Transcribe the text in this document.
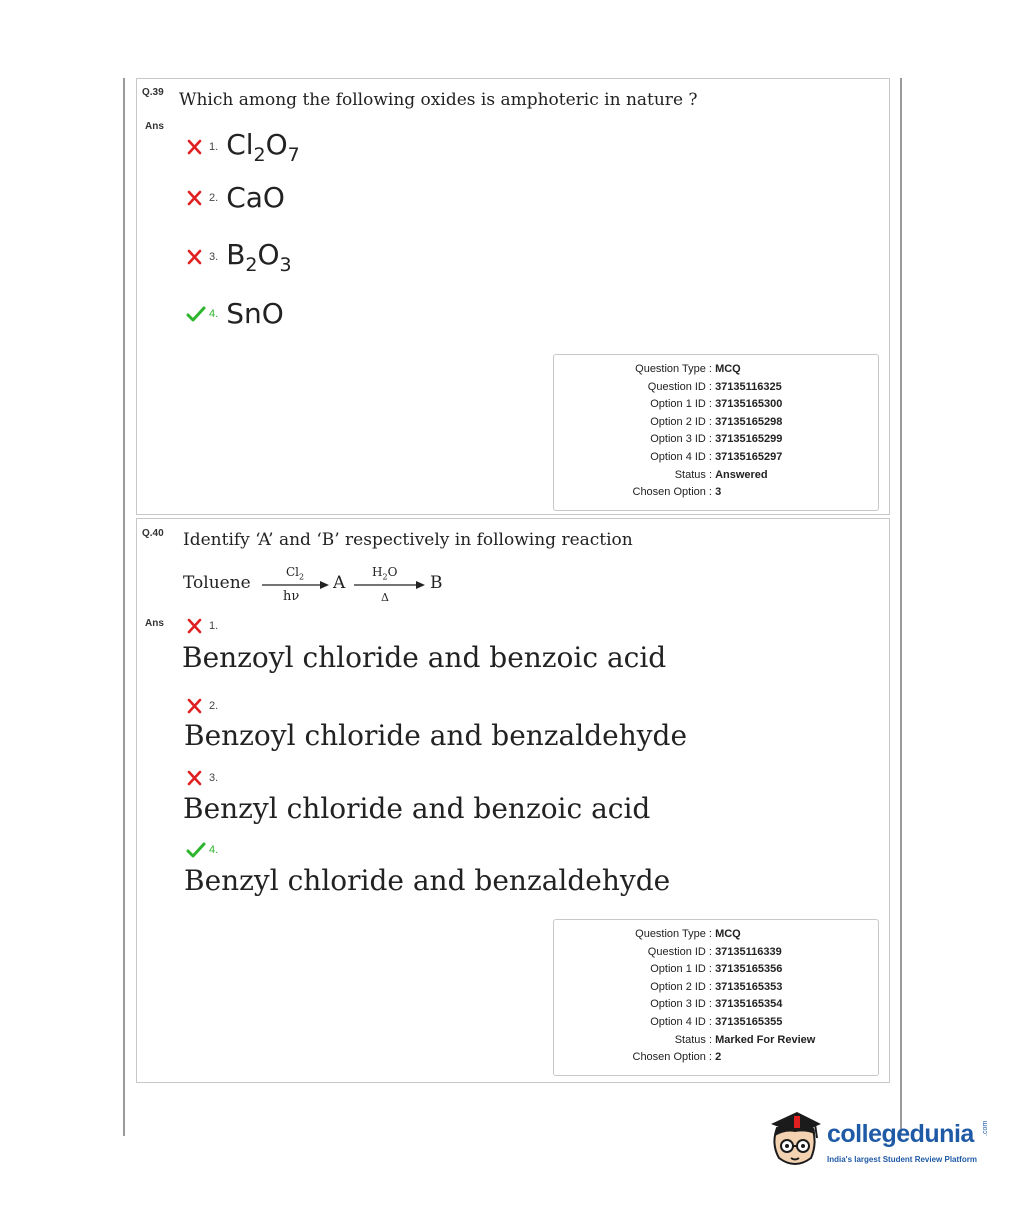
Q.39 Which among the following oxides is amphoteric in nature ?
Ans
1. $Cl_2O_7$
2. CaO
3. $B_2O_3$
4. SnO
Question Type : MCQ
Question ID : 37135116325
Option 1 ID : 37135165300
Option 2 ID : 37135165298
Option 3 ID : 37135165299
Option 4 ID : 37135165297
Status : Answered
Chosen Option : 3
Q.40 Identify ‘A’ and ‘B’ respectively in following reaction
Toluene
$Cl_2$
hν
A
$H_2O$
Δ
B
Ans	1.
Benzoyl chloride and benzoic acid
2.
Benzoyl chloride and benzaldehyde
3.
Benzyl chloride and benzoic acid
4.
Benzyl chloride and benzaldehyde
Question Type : MCQ
Question ID : 37135116339
Option 1 ID : 37135165356
Option 2 ID : 37135165353
Option 3 ID : 37135165354
Option 4 ID : 37135165355
Status : Marked For Review
Chosen Option : 2
collegedunia .com
India's largest Student Review Platform
